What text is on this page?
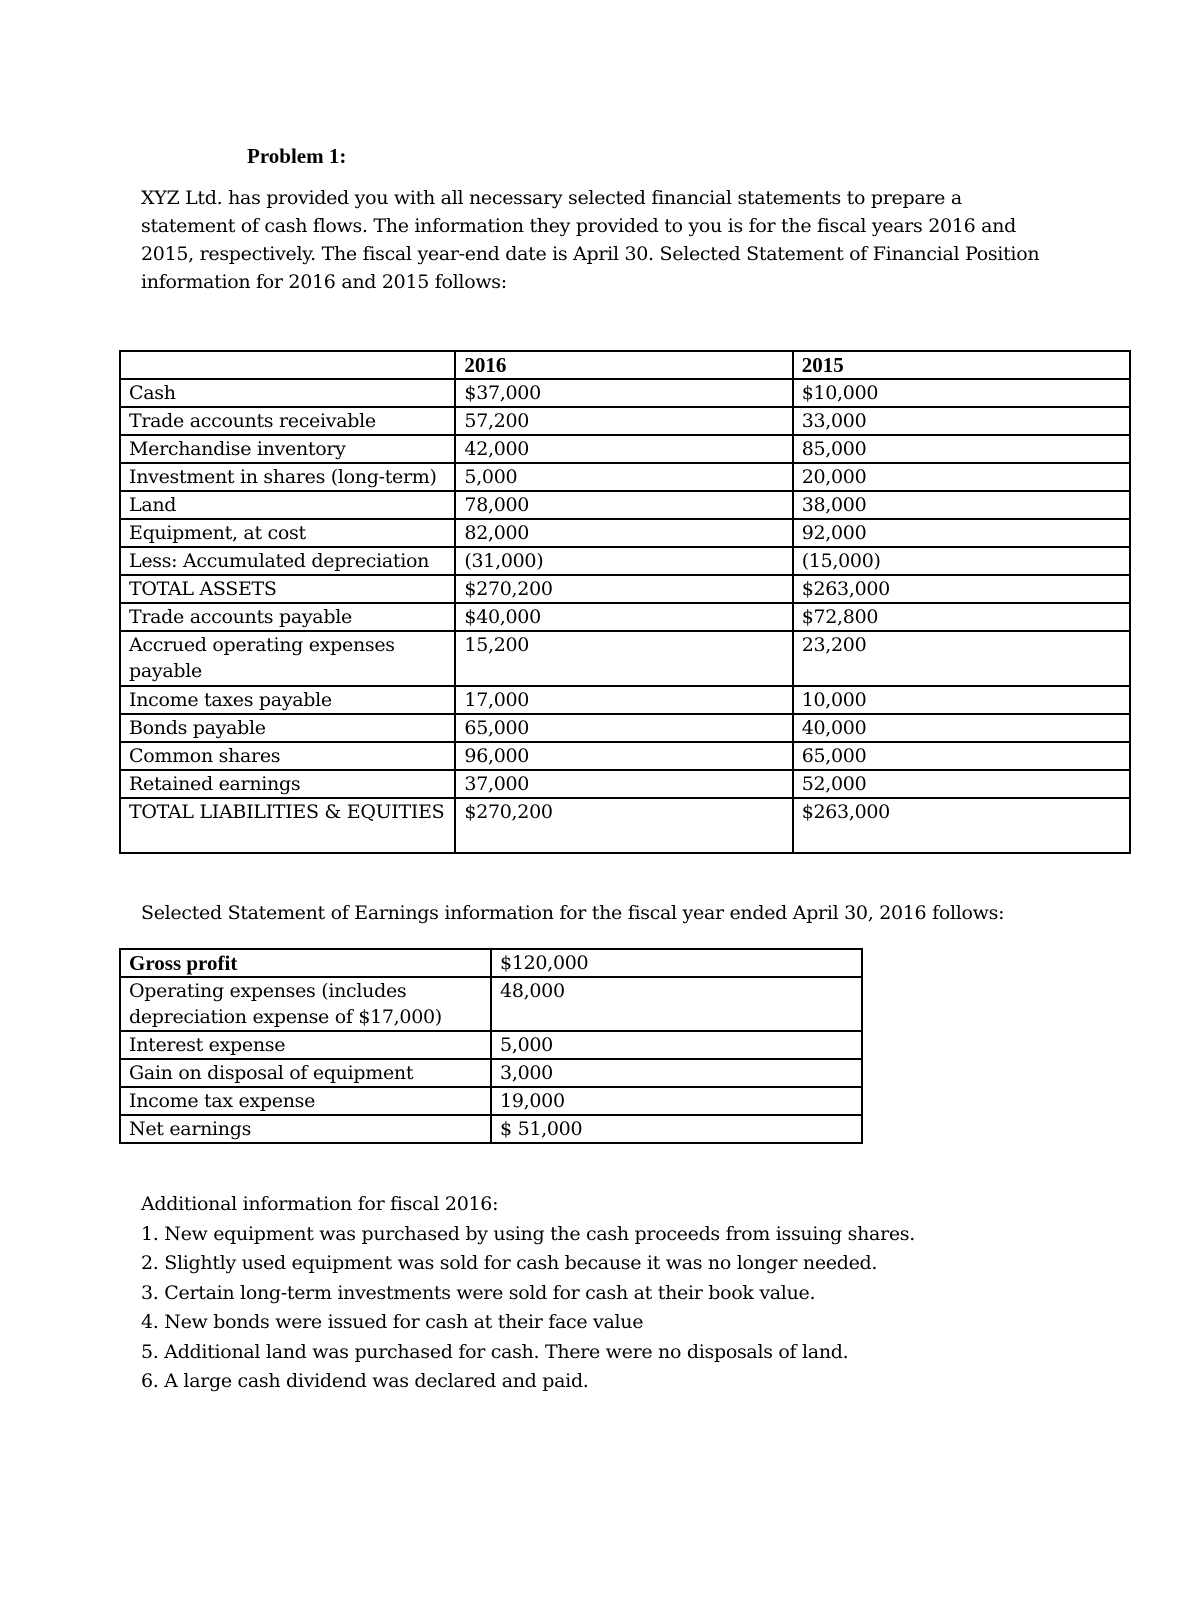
Problem 1:
XYZ Ltd. has provided you with all necessary selected financial statements to prepare a
statement of cash flows. The information they provided to you is for the fiscal years 2016 and
2015, respectively. The fiscal year-end date is April 30. Selected Statement of Financial Position
information for 2016 and 2015 follows:
	2016	2015
Cash	$37,000	$10,000
Trade accounts receivable	57,200	33,000
Merchandise inventory	42,000	85,000
Investment in shares (long-term)	5,000	20,000
Land	78,000	38,000
Equipment, at cost	82,000	92,000
Less: Accumulated depreciation	(31,000)	(15,000)
TOTAL ASSETS	$270,200	$263,000
Trade accounts payable	$40,000	$72,800
Accrued operating expenses payable	15,200	23,200
Income taxes payable	17,000	10,000
Bonds payable	65,000	40,000
Common shares	96,000	65,000
Retained earnings	37,000	52,000
TOTAL LIABILITIES & EQUITIES	$270,200	$263,000
Selected Statement of Earnings information for the fiscal year ended April 30, 2016 follows:
Gross profit	$120,000
Operating expenses (includes depreciation expense of $17,000)	48,000
Interest expense	5,000
Gain on disposal of equipment	3,000
Income tax expense	19,000
Net earnings	$ 51,000
Additional information for fiscal 2016:
1. New equipment was purchased by using the cash proceeds from issuing shares.
2. Slightly used equipment was sold for cash because it was no longer needed.
3. Certain long-term investments were sold for cash at their book value.
4. New bonds were issued for cash at their face value
5. Additional land was purchased for cash. There were no disposals of land.
6. A large cash dividend was declared and paid.
